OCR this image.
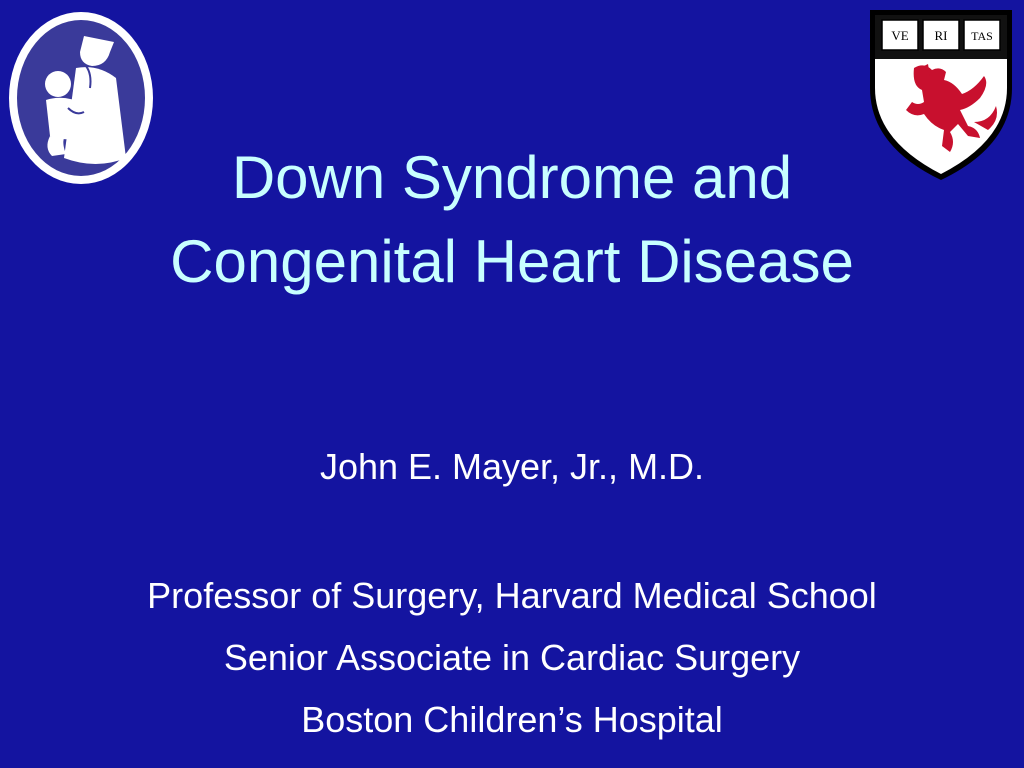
VE RI TAS
Down Syndrome and
Congenital Heart Disease
John E. Mayer, Jr., M.D.
Professor of Surgery, Harvard Medical School
Senior Associate in Cardiac Surgery
Boston Children’s Hospital
